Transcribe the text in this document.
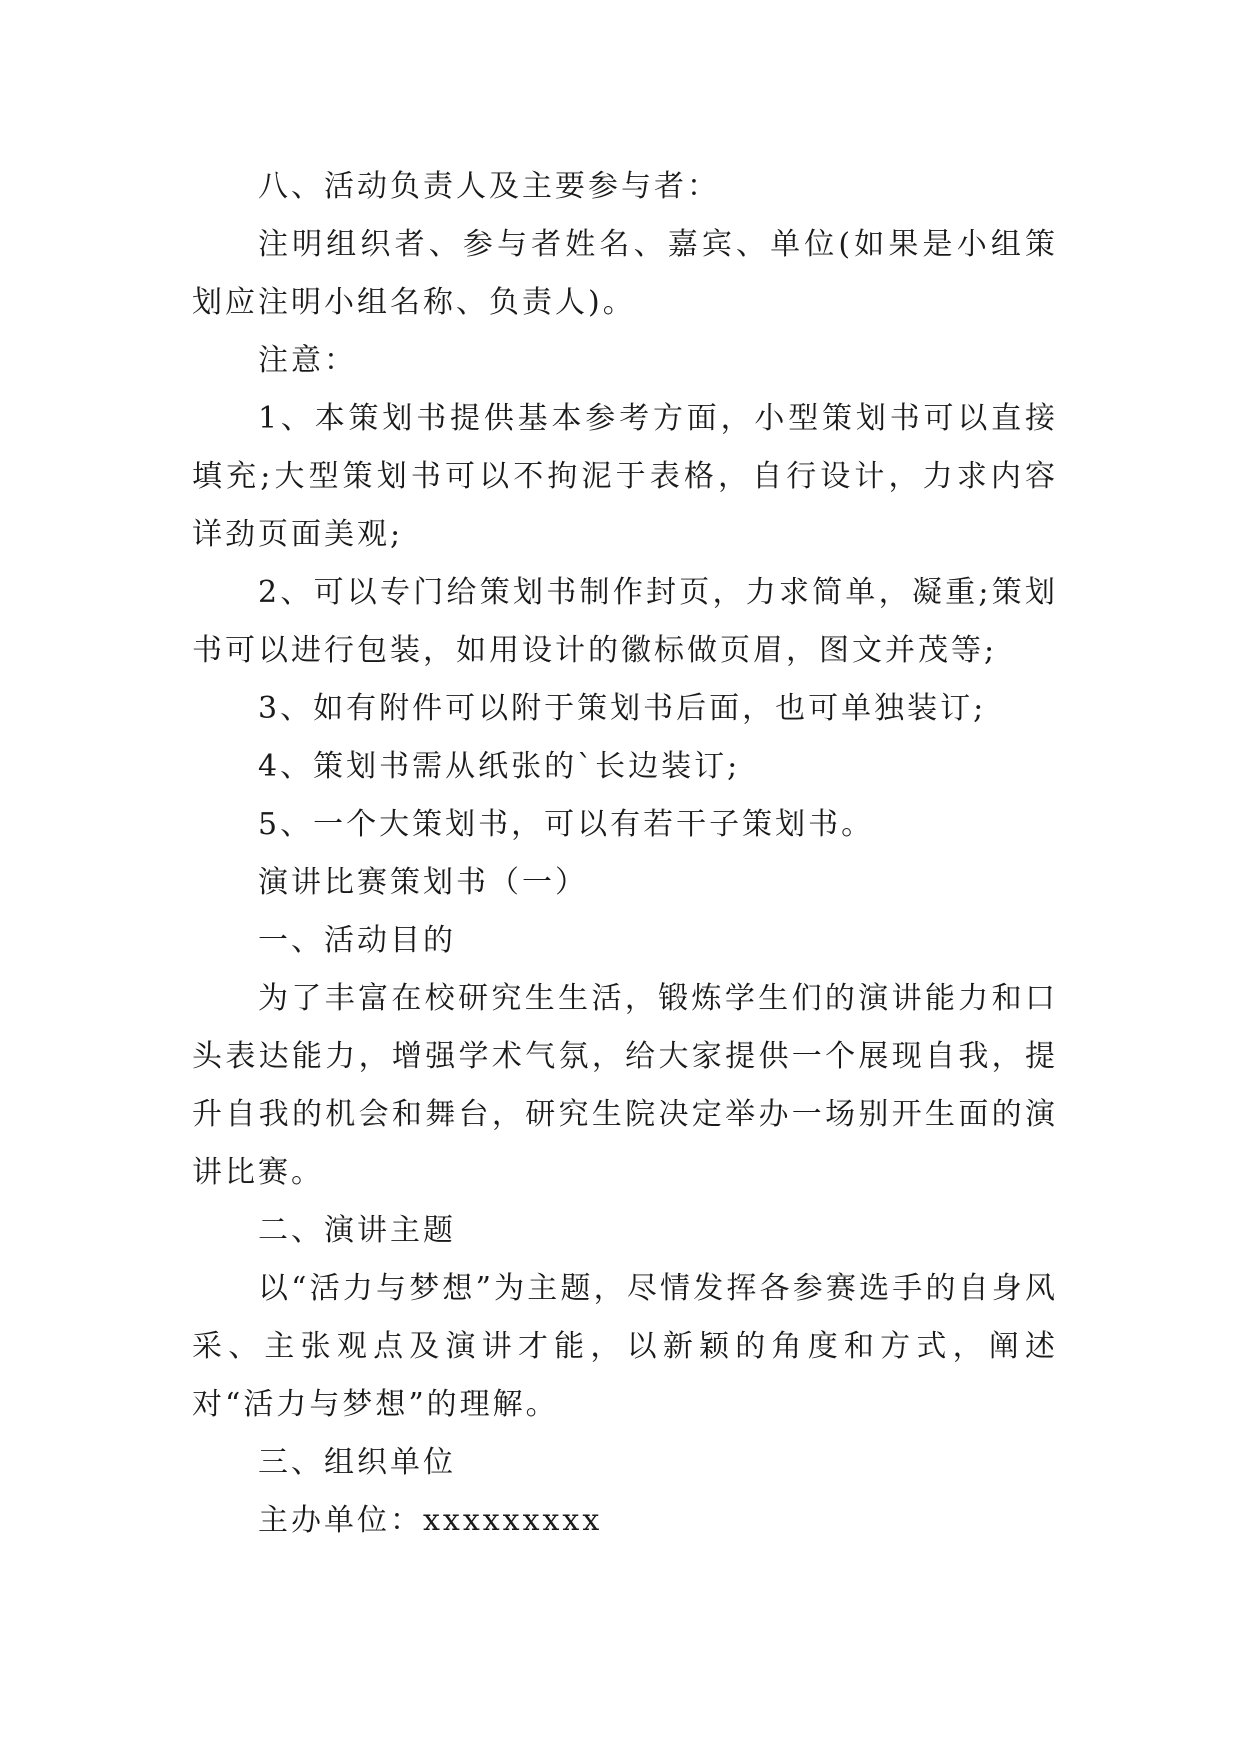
八、活动负责人及主要参与者：

注明组织者、参与者姓名、嘉宾、单位(如果是小组策划应注明小组名称、负责人)。

注意：

1、本策划书提供基本参考方面，小型策划书可以直接填充;大型策划书可以不拘泥于表格，自行设计，力求内容详劲页面美观;

2、可以专门给策划书制作封页，力求简单，凝重;策划书可以进行包装，如用设计的徽标做页眉，图文并茂等;

3、如有附件可以附于策划书后面，也可单独装订;

4、策划书需从纸张的`长边装订;

5、一个大策划书，可以有若干子策划书。

演讲比赛策划书（一）

一、活动目的

为了丰富在校研究生生活，锻炼学生们的演讲能力和口头表达能力，增强学术气氛，给大家提供一个展现自我，提升自我的机会和舞台，研究生院决定举办一场别开生面的演讲比赛。

二、演讲主题

以“活力与梦想”为主题，尽情发挥各参赛选手的自身风采、主张观点及演讲才能，以新颖的角度和方式，阐述对“活力与梦想”的理解。

三、组织单位

主办单位：xxxxxxxxx
